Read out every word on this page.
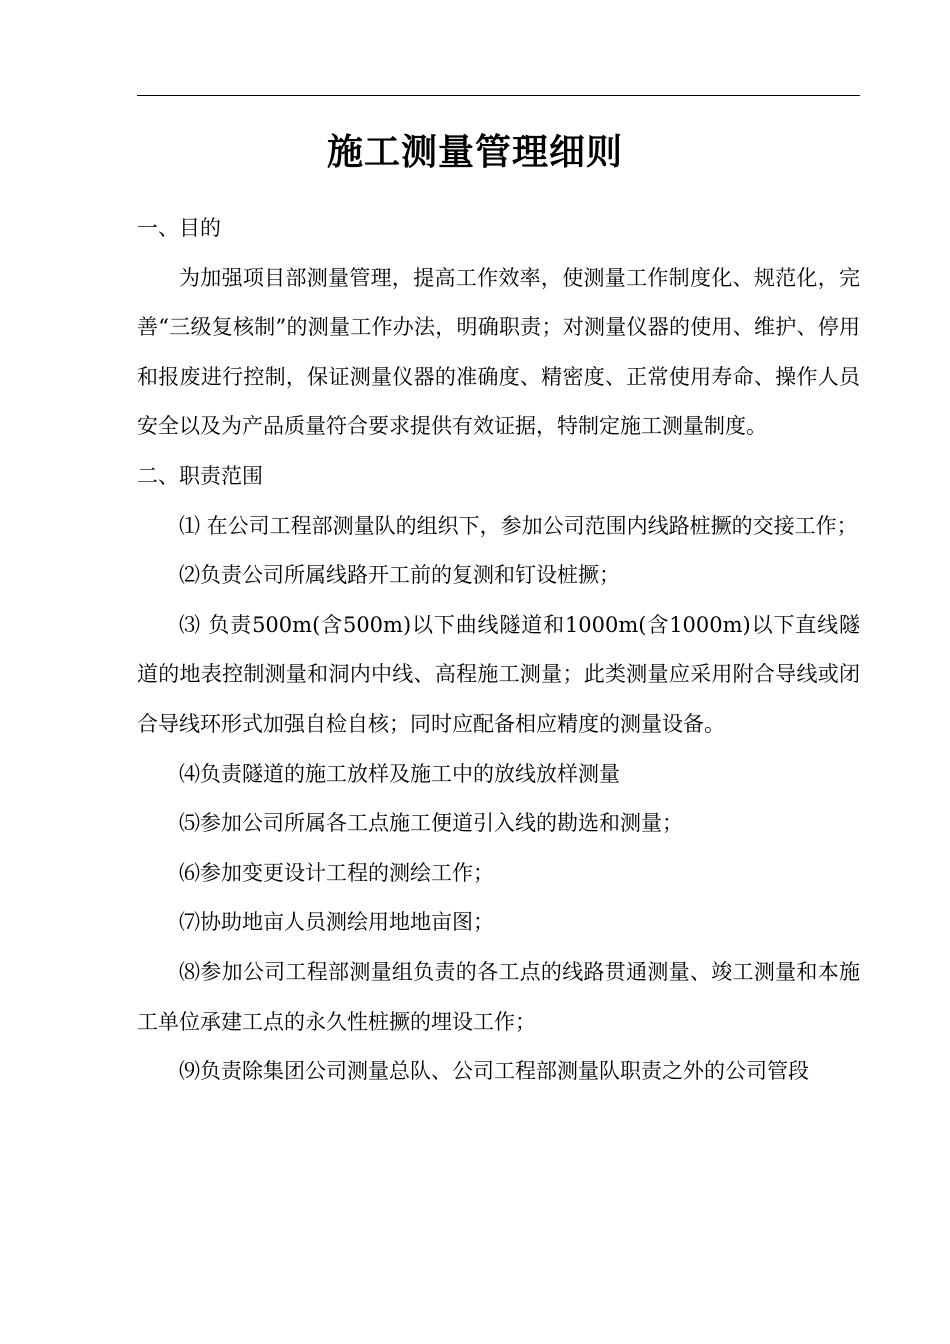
施工测量管理细则

一、目的

为加强项目部测量管理，提高工作效率，使测量工作制度化、规范化，完善“三级复核制”的测量工作办法，明确职责；对测量仪器的使用、维护、停用和报废进行控制，保证测量仪器的准确度、精密度、正常使用寿命、操作人员安全以及为产品质量符合要求提供有效证据，特制定施工测量制度。

二、职责范围

⑴ 在公司工程部测量队的组织下，参加公司范围内线路桩撅的交接工作；

⑵负责公司所属线路开工前的复测和钉设桩撅；

⑶ 负责500m(含500m)以下曲线隧道和1000m(含1000m)以下直线隧道的地表控制测量和洞内中线、高程施工测量；此类测量应采用附合导线或闭合导线环形式加强自检自核；同时应配备相应精度的测量设备。

⑷负责隧道的施工放样及施工中的放线放样测量

⑸参加公司所属各工点施工便道引入线的勘选和测量；

⑹参加变更设计工程的测绘工作；

⑺协助地亩人员测绘用地地亩图；

⑻参加公司工程部测量组负责的各工点的线路贯通测量、竣工测量和本施工单位承建工点的永久性桩撅的埋设工作；

⑼负责除集团公司测量总队、公司工程部测量队职责之外的公司管段
